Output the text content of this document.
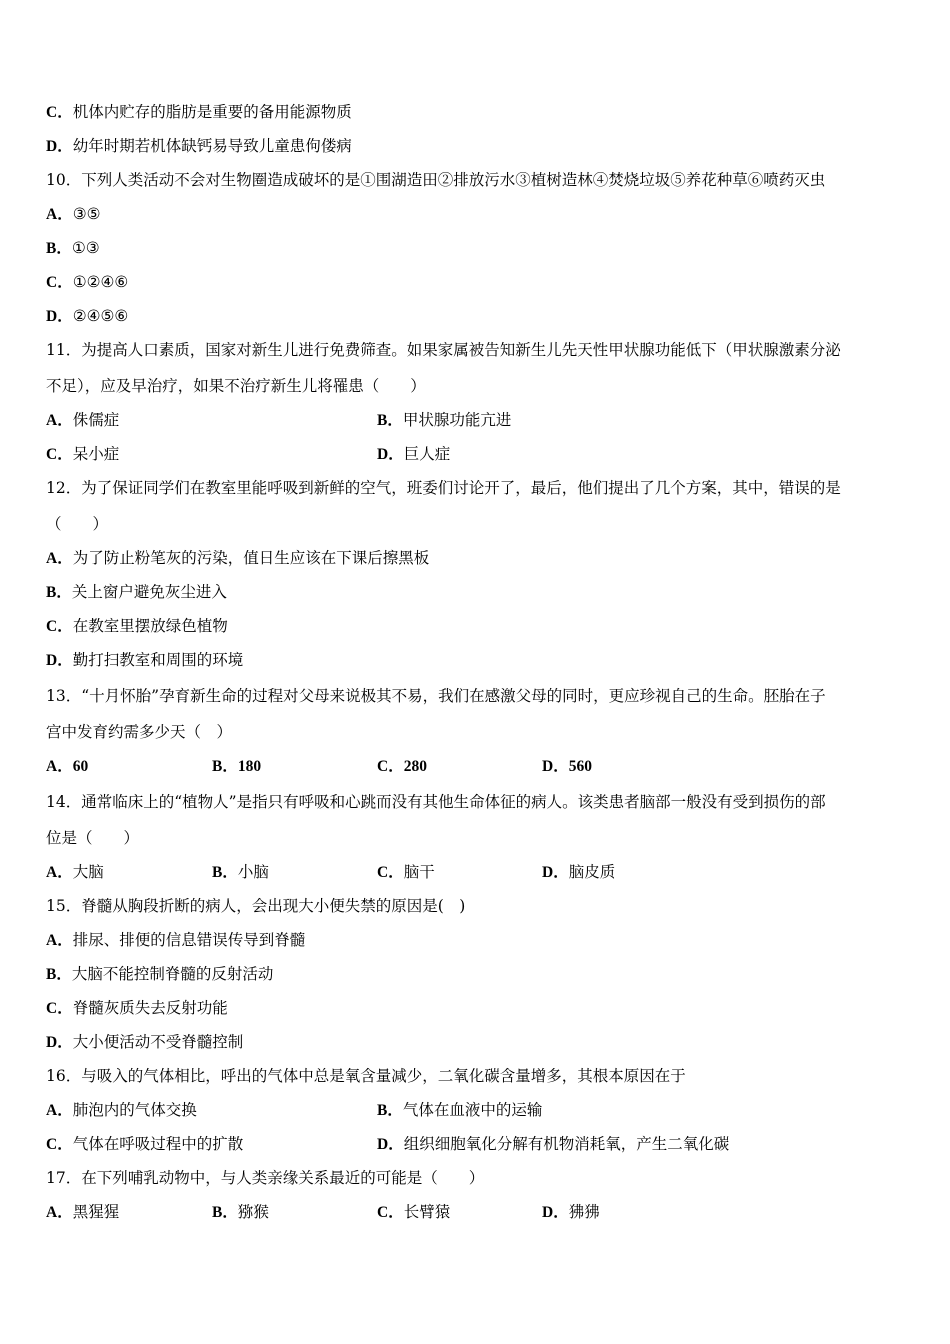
C．机体内贮存的脂肪是重要的备用能源物质
D．幼年时期若机体缺钙易导致儿童患佝偻病
10．下列人类活动不会对生物圈造成破坏的是①围湖造田②排放污水③植树造林④焚烧垃圾⑤养花种草⑥喷药灭虫
A．③⑤
B．①③
C．①②④⑥
D．②④⑤⑥
11．为提高人口素质，国家对新生儿进行免费筛查。如果家属被告知新生儿先天性甲状腺功能低下（甲状腺激素分泌
不足），应及早治疗，如果不治疗新生儿将罹患（　　）
A．侏儒症	B．甲状腺功能亢进
C．呆小症	D．巨人症
12．为了保证同学们在教室里能呼吸到新鲜的空气，班委们讨论开了，最后，他们提出了几个方案，其中，错误的是
（　　）
A．为了防止粉笔灰的污染，值日生应该在下课后擦黑板
B．关上窗户避免灰尘进入
C．在教室里摆放绿色植物
D．勤打扫教室和周围的环境
13．“十月怀胎”孕育新生命的过程对父母来说极其不易，我们在感激父母的同时，更应珍视自己的生命。胚胎在子
宫中发育约需多少天（　）
A．60	B．180	C．280	D．560
14．通常临床上的“植物人”是指只有呼吸和心跳而没有其他生命体征的病人。该类患者脑部一般没有受到损伤的部
位是（　　）
A．大脑	B．小脑	C．脑干	D．脑皮质
15．脊髓从胸段折断的病人，会出现大小便失禁的原因是(　)
A．排尿、排便的信息错误传导到脊髓
B．大脑不能控制脊髓的反射活动
C．脊髓灰质失去反射功能
D．大小便活动不受脊髓控制
16．与吸入的气体相比，呼出的气体中总是氧含量减少，二氧化碳含量增多，其根本原因在于
A．肺泡内的气体交换	B．气体在血液中的运输
C．气体在呼吸过程中的扩散	D．组织细胞氧化分解有机物消耗氧，产生二氧化碳
17．在下列哺乳动物中，与人类亲缘关系最近的可能是（　　）
A．黑猩猩	B．猕猴	C．长臂猿	D．狒狒
